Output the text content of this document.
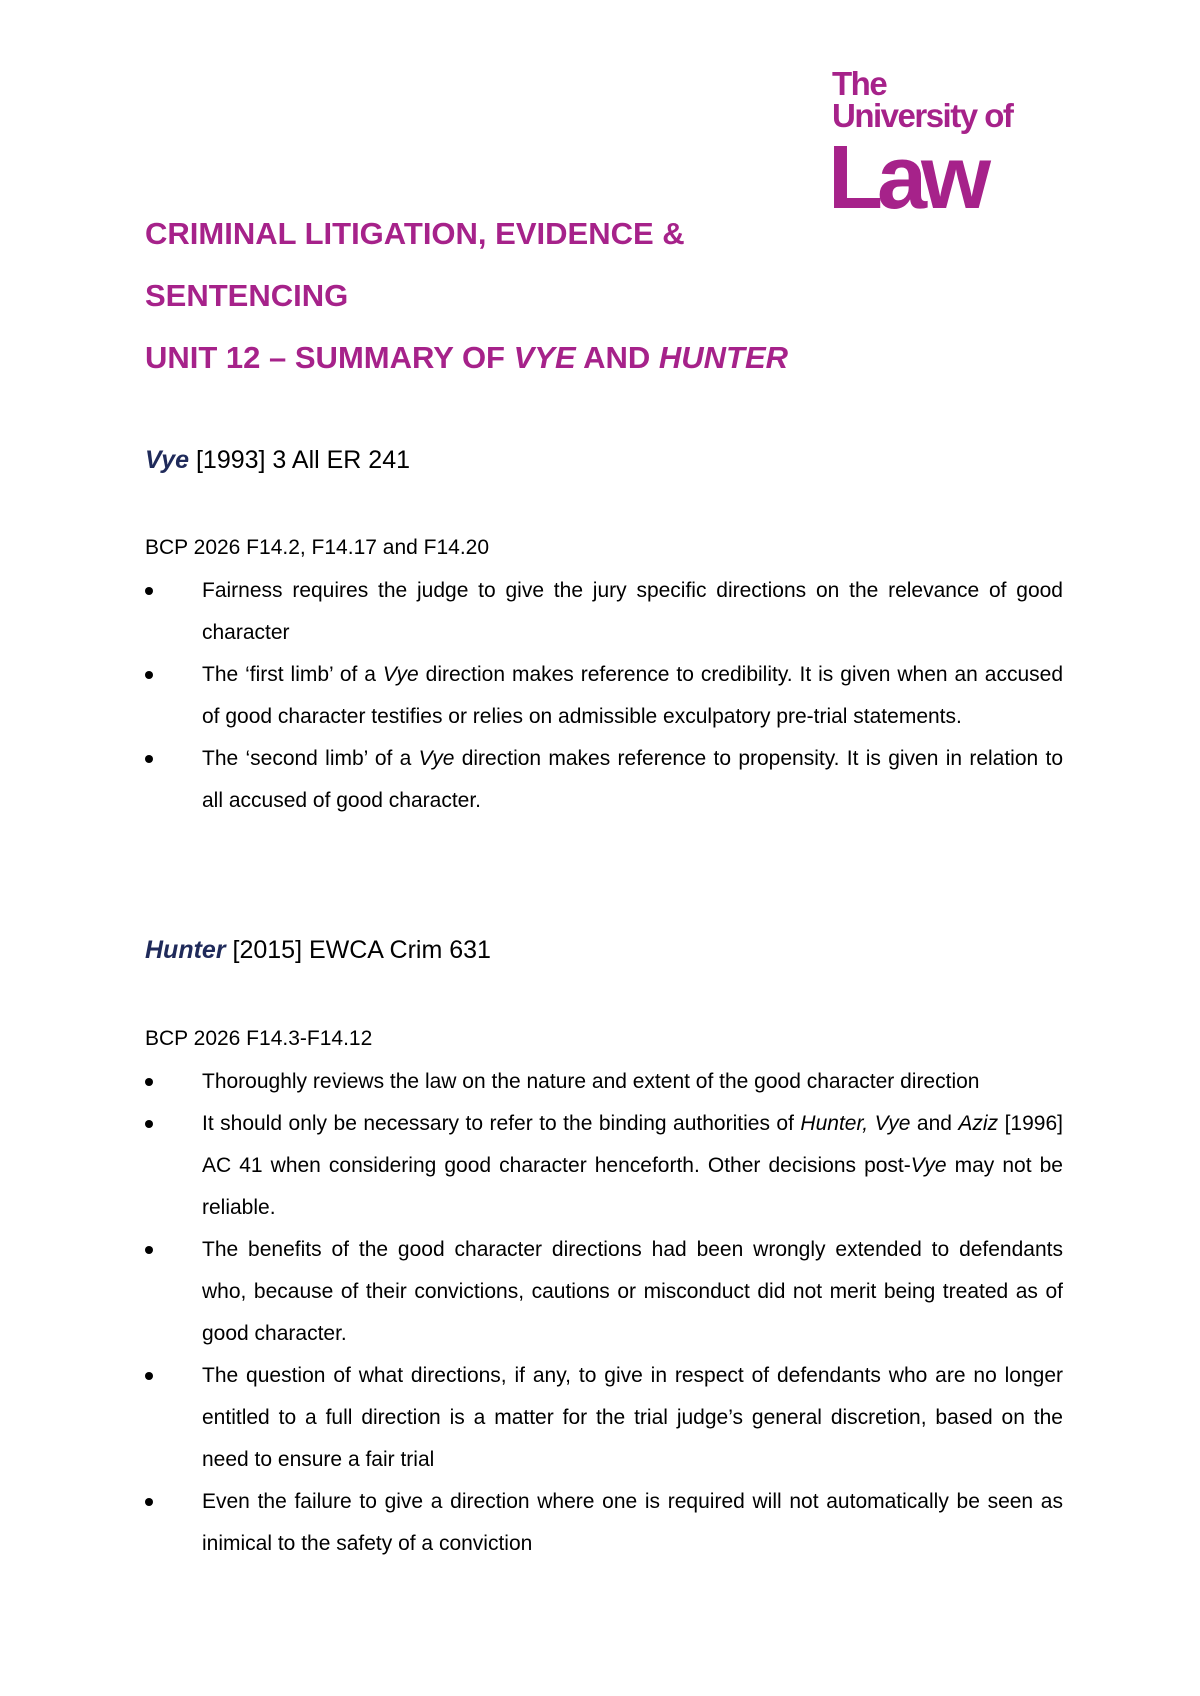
The
University of
Law
CRIMINAL LITIGATION, EVIDENCE &
SENTENCING
UNIT 12 – SUMMARY OF VYE AND HUNTER
Vye [1993] 3 All ER 241
BCP 2026 F14.2, F14.17 and F14.20
Fairness requires the judge to give the jury specific directions on the relevance of good character
The ‘first limb’ of a Vye direction makes reference to credibility. It is given when an accused of good character testifies or relies on admissible exculpatory pre-trial statements.
The ‘second limb’ of a Vye direction makes reference to propensity. It is given in relation to all accused of good character.
Hunter [2015] EWCA Crim 631
BCP 2026 F14.3-F14.12
Thoroughly reviews the law on the nature and extent of the good character direction
It should only be necessary to refer to the binding authorities of Hunter, Vye and Aziz [1996] AC 41 when considering good character henceforth. Other decisions post-Vye may not be reliable.
The benefits of the good character directions had been wrongly extended to defendants who, because of their convictions, cautions or misconduct did not merit being treated as of good character.
The question of what directions, if any, to give in respect of defendants who are no longer entitled to a full direction is a matter for the trial judge’s general discretion, based on the need to ensure a fair trial
Even the failure to give a direction where one is required will not automatically be seen as inimical to the safety of a conviction
